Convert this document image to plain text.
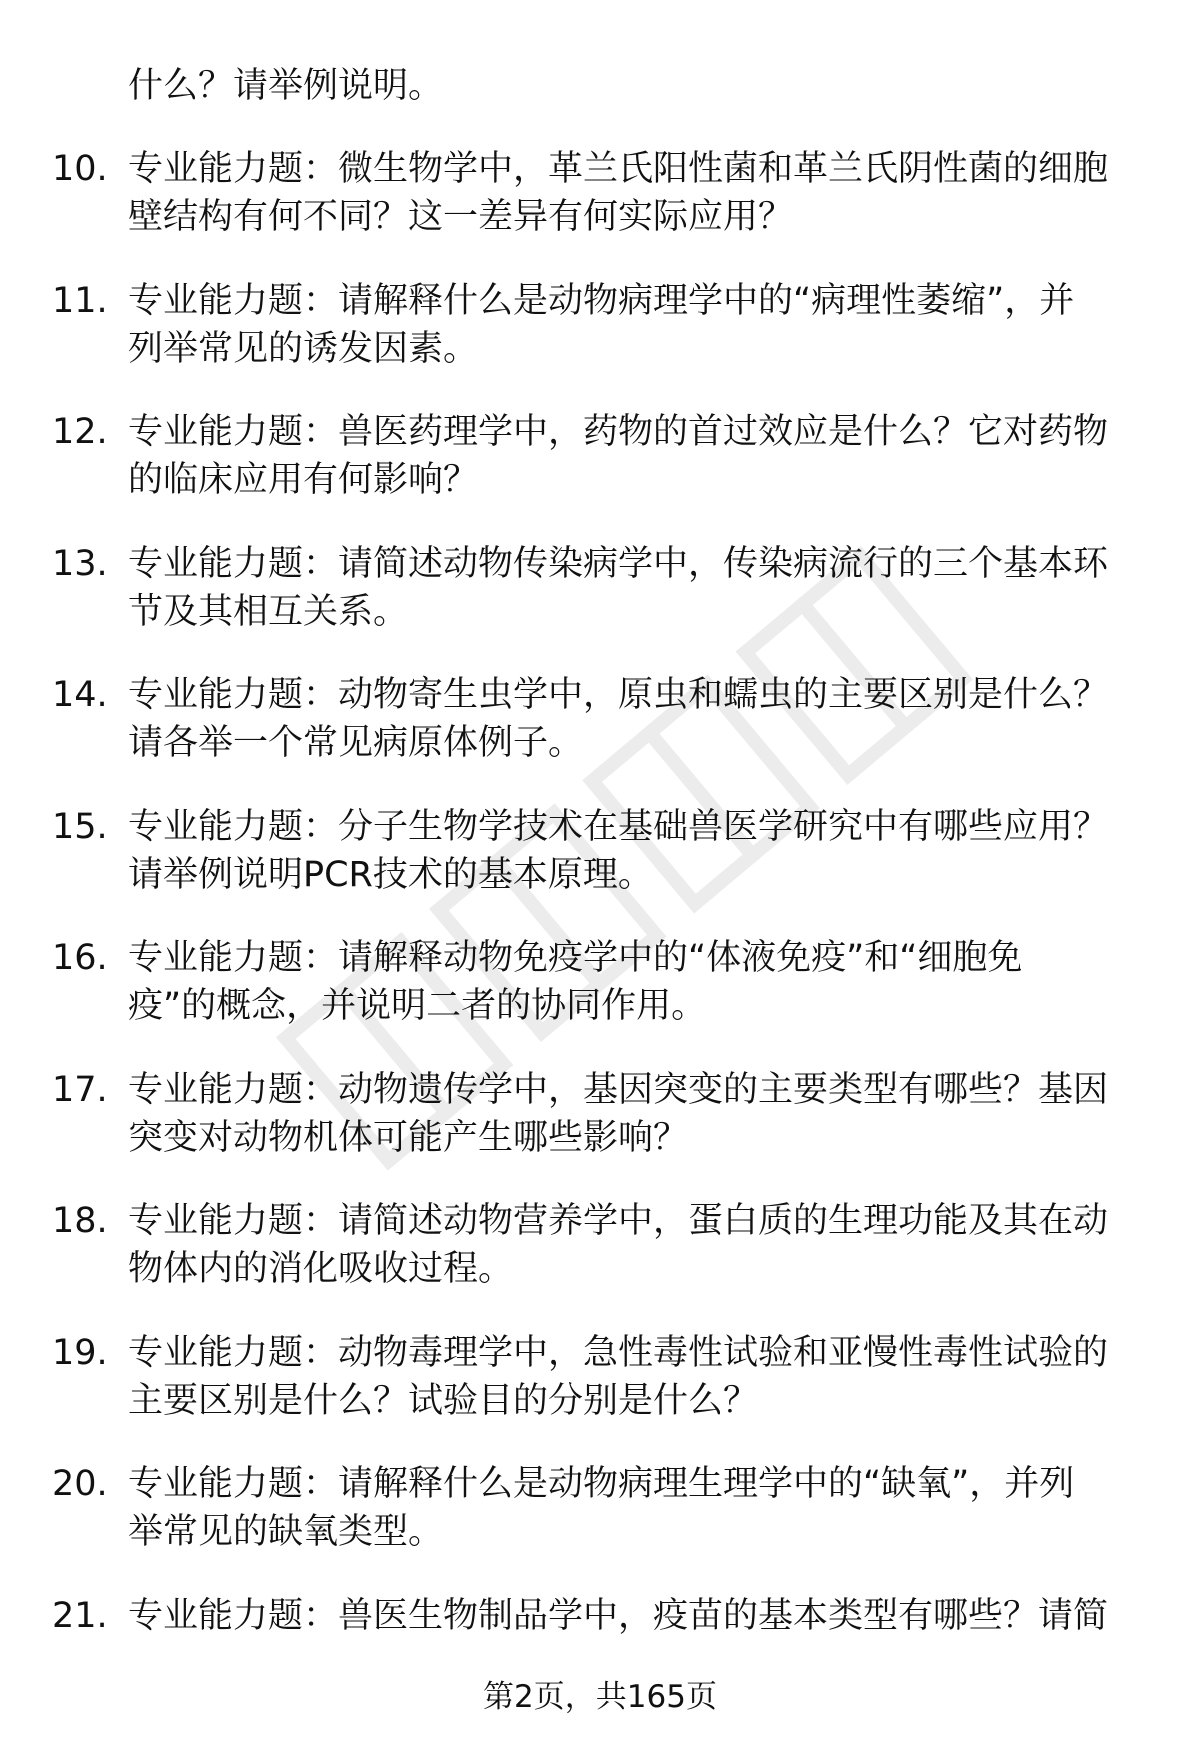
什么？请举例说明。
10. 专业能力题：微生物学中，革兰氏阳性菌和革兰氏阴性菌的细胞
壁结构有何不同？这一差异有何实际应用？
11. 专业能力题：请解释什么是动物病理学中的“病理性萎缩”，并
列举常见的诱发因素。
12. 专业能力题：兽医药理学中，药物的首过效应是什么？它对药物
的临床应用有何影响？
13. 专业能力题：请简述动物传染病学中，传染病流行的三个基本环
节及其相互关系。
14. 专业能力题：动物寄生虫学中，原虫和蠕虫的主要区别是什么？
请各举一个常见病原体例子。
15. 专业能力题：分子生物学技术在基础兽医学研究中有哪些应用？
请举例说明PCR技术的基本原理。
16. 专业能力题：请解释动物免疫学中的“体液免疫”和“细胞免
疫”的概念，并说明二者的协同作用。
17. 专业能力题：动物遗传学中，基因突变的主要类型有哪些？基因
突变对动物机体可能产生哪些影响？
18. 专业能力题：请简述动物营养学中，蛋白质的生理功能及其在动
物体内的消化吸收过程。
19. 专业能力题：动物毒理学中，急性毒性试验和亚慢性毒性试验的
主要区别是什么？试验目的分别是什么？
20. 专业能力题：请解释什么是动物病理生理学中的“缺氧”，并列
举常见的缺氧类型。
21. 专业能力题：兽医生物制品学中，疫苗的基本类型有哪些？请简
第2页，共165页
